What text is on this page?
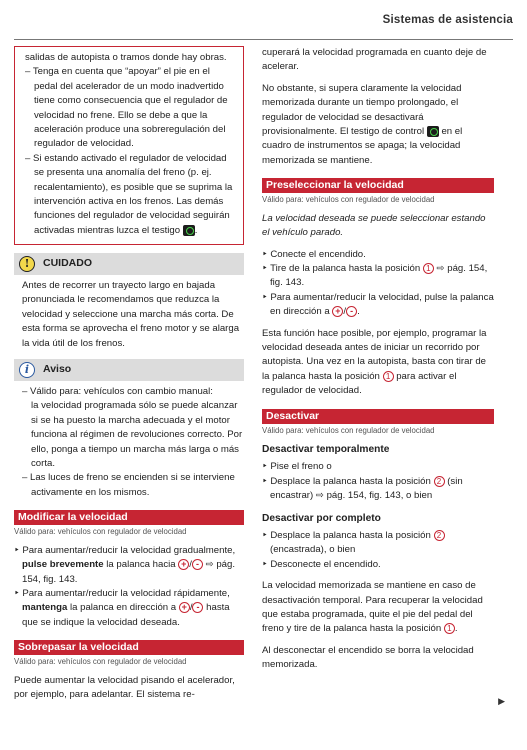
Sistemas de asistencia
salidas de autopista o tramos donde hay obras.
– Tenga en cuenta que “apoyar” el pie en el pedal del acelerador de un modo inadvertido tiene como consecuencia que el regulador de velocidad no frene. Ello se debe a que la aceleración produce una sobreregulación del regulador de velocidad.
– Si estando activado el regulador de velocidad se presenta una anomalía del freno (p. ej. recalentamiento), es posible que se suprima la intervención activa en los frenos. Las demás funciones del regulador de velocidad seguirán activadas mientras luzca el testigo .
!	CUIDADO
Antes de recorrer un trayecto largo en bajada pronunciada le recomendamos que reduzca la velocidad y seleccione una marcha más corta. De esta forma se aprovecha el freno motor y se alarga la vida útil de los frenos.
i	Aviso
– Válido para: vehículos con cambio manual:
la velocidad programada sólo se puede alcanzar si se ha puesto la marcha adecuada y el motor funciona al régimen de revoluciones correcto. Por ello, ponga a tiempo un marcha más larga o más corta.
– Las luces de freno se encienden si se interviene activamente en los mismos.
Modificar la velocidad
Válido para: vehículos con regulador de velocidad
‣ Para aumentar/reducir la velocidad gradualmente, pulse brevemente la palanca hacia + / - ⇨ pág. 154, fig. 143.
‣ Para aumentar/reducir la velocidad rápidamente, mantenga la palanca en dirección a + / - hasta que se indique la velocidad deseada.
Sobrepasar la velocidad
Válido para: vehículos con regulador de velocidad
Puede aumentar la velocidad pisando el acelerador, por ejemplo, para adelantar. El sistema re-
cuperará la velocidad programada en cuanto deje de acelerar.
No obstante, si supera claramente la velocidad memorizada durante un tiempo prolongado, el regulador de velocidad se desactivará provisionalmente. El testigo de control en el cuadro de instrumentos se apaga; la velocidad memorizada se mantiene.
Preseleccionar la velocidad
Válido para: vehículos con regulador de velocidad
La velocidad deseada se puede seleccionar estando el vehículo parado.
‣ Conecte el encendido.
‣ Tire de la palanca hasta la posición 1 ⇨ pág. 154, fig. 143.
‣ Para aumentar/reducir la velocidad, pulse la palanca en dirección a + / - .
Esta función hace posible, por ejemplo, programar la velocidad deseada antes de iniciar un recorrido por autopista. Una vez en la autopista, basta con tirar de la palanca hasta la posición 1 para activar el regulador de velocidad.
Desactivar
Válido para: vehículos con regulador de velocidad
Desactivar temporalmente
‣ Pise el freno o
‣ Desplace la palanca hasta la posición 2 (sin encastrar) ⇨ pág. 154, fig. 143, o bien
Desactivar por completo
‣ Desplace la palanca hasta la posición 2 (encastrada), o bien
‣ Desconecte el encendido.
La velocidad memorizada se mantiene en caso de desactivación temporal. Para recuperar la velocidad que estaba programada, quite el pie del pedal del freno y tire de la palanca hasta la posición 1 .
Al desconectar el encendido se borra la velocidad memorizada.
▶
